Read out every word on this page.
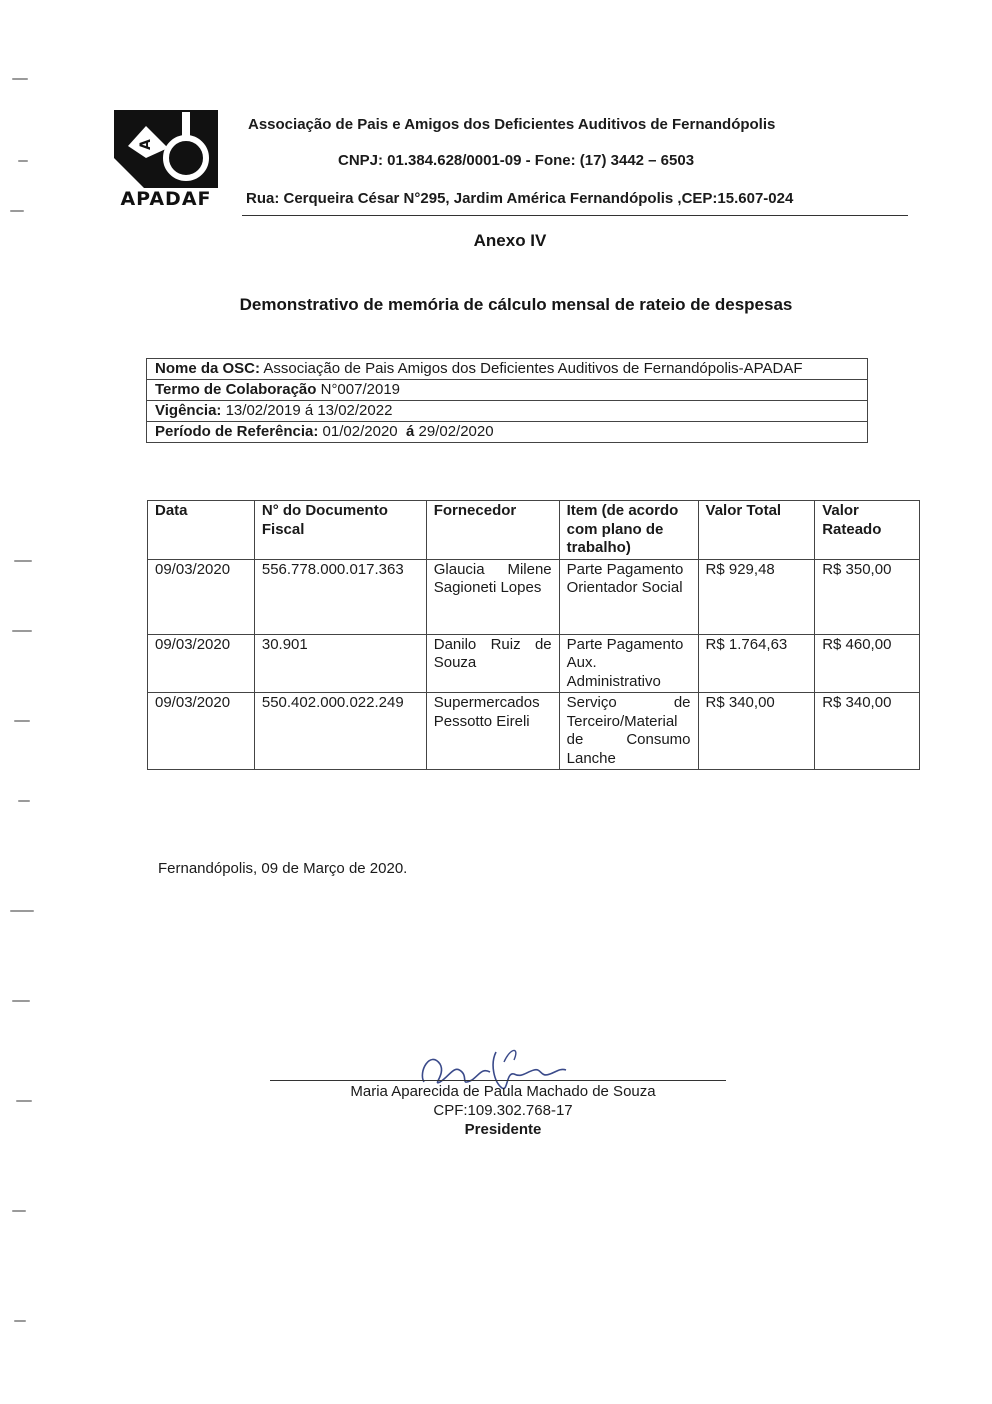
A
APADAF
Associação de Pais e Amigos dos Deficientes Auditivos de Fernandópolis
CNPJ: 01.384.628/0001-09 - Fone: (17) 3442 – 6503
Rua: Cerqueira César N°295, Jardim América Fernandópolis ,CEP:15.607-024
Anexo IV
Demonstrativo de memória de cálculo mensal de rateio de despesas
Nome da OSC: Associação de Pais Amigos dos Deficientes Auditivos de Fernandópolis-APADAF
Termo de Colaboração N°007/2019
Vigência: 13/02/2019 á 13/02/2022
Período de Referência: 01/02/2020 á 29/02/2020
Data	N° do Documento Fiscal	Fornecedor	Item (de acordo com plano de trabalho)	Valor Total	Valor Rateado
09/03/2020	556.778.000.017.363	Glaucia Milene Sagioneti Lopes	Parte Pagamento Orientador Social	R$ 929,48	R$ 350,00
09/03/2020	30.901	Danilo Ruiz de Souza	Parte Pagamento Aux. Administrativo	R$ 1.764,63	R$ 460,00
09/03/2020	550.402.000.022.249	Supermercados Pessotto Eireli	Serviço de Terceiro/Material de Consumo Lanche	R$ 340,00	R$ 340,00
Fernandópolis, 09 de Março de 2020.
Maria Aparecida de Paula Machado de Souza
CPF:109.302.768-17
Presidente
